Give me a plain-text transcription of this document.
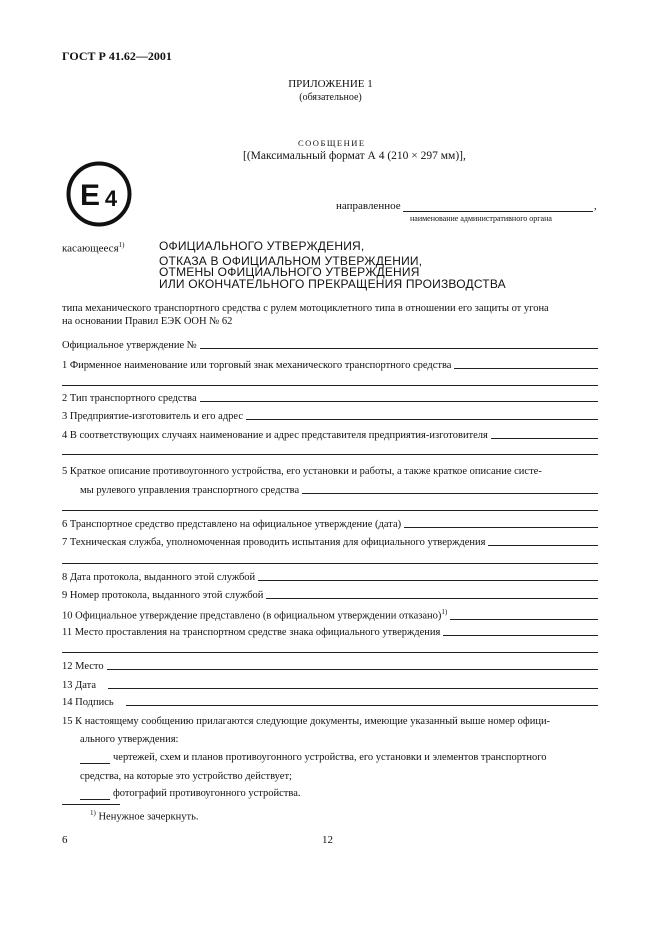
ГОСТ Р 41.62—2001
ПРИЛОЖЕНИЕ 1
(обязательное)
СООБЩЕНИЕ
[(Максимальный формат А 4 (210 × 297 мм)],
E 4	направленное	,
наименование административного органа
касающееся$^{1)}$	ОФИЦИАЛЬНОГО УТВЕРЖДЕНИЯ,
ОТКАЗА В ОФИЦИАЛЬНОМ УТВЕРЖДЕНИИ,
ОТМЕНЫ ОФИЦИАЛЬНОГО УТВЕРЖДЕНИЯ
ИЛИ ОКОНЧАТЕЛЬНОГО ПРЕКРАЩЕНИЯ ПРОИЗВОДСТВА
типа механического транспортного средства с рулем мотоциклетного типа в отношении его защиты от угона
на основании Правил ЕЭК ООН № 62
Официальное утверждение №
1 Фирменное наименование или торговый знак механического транспортного средства
2 Тип транспортного средства
3 Предприятие-изготовитель и его адрес
4 В соответствующих случаях наименование и адрес представителя предприятия-изготовителя
5 Краткое описание противоугонного устройства, его установки и работы, а также краткое описание систе-
мы рулевого управления транспортного средства
6 Транспортное средство представлено на официальное утверждение (дата)
7 Техническая служба, уполномоченная проводить испытания для официального утверждения
8 Дата протокола, выданного этой службой
9 Номер протокола, выданного этой службой
10 Официальное утверждение представлено (в официальном утверждении отказано)$^{1)}$
11 Место проставления на транспортном средстве знака официального утверждения
12 Место
13 Дата
14 Подпись
15 К настоящему сообщению прилагаются следующие документы, имеющие указанный выше номер офици-
ального утверждения:
чертежей, схем и планов противоугонного устройства, его установки и элементов транспортного
средства, на которые это устройство действует;
фотографий противоугонного устройства.
$^{1)}$ Ненужное зачеркнуть.
6	12
